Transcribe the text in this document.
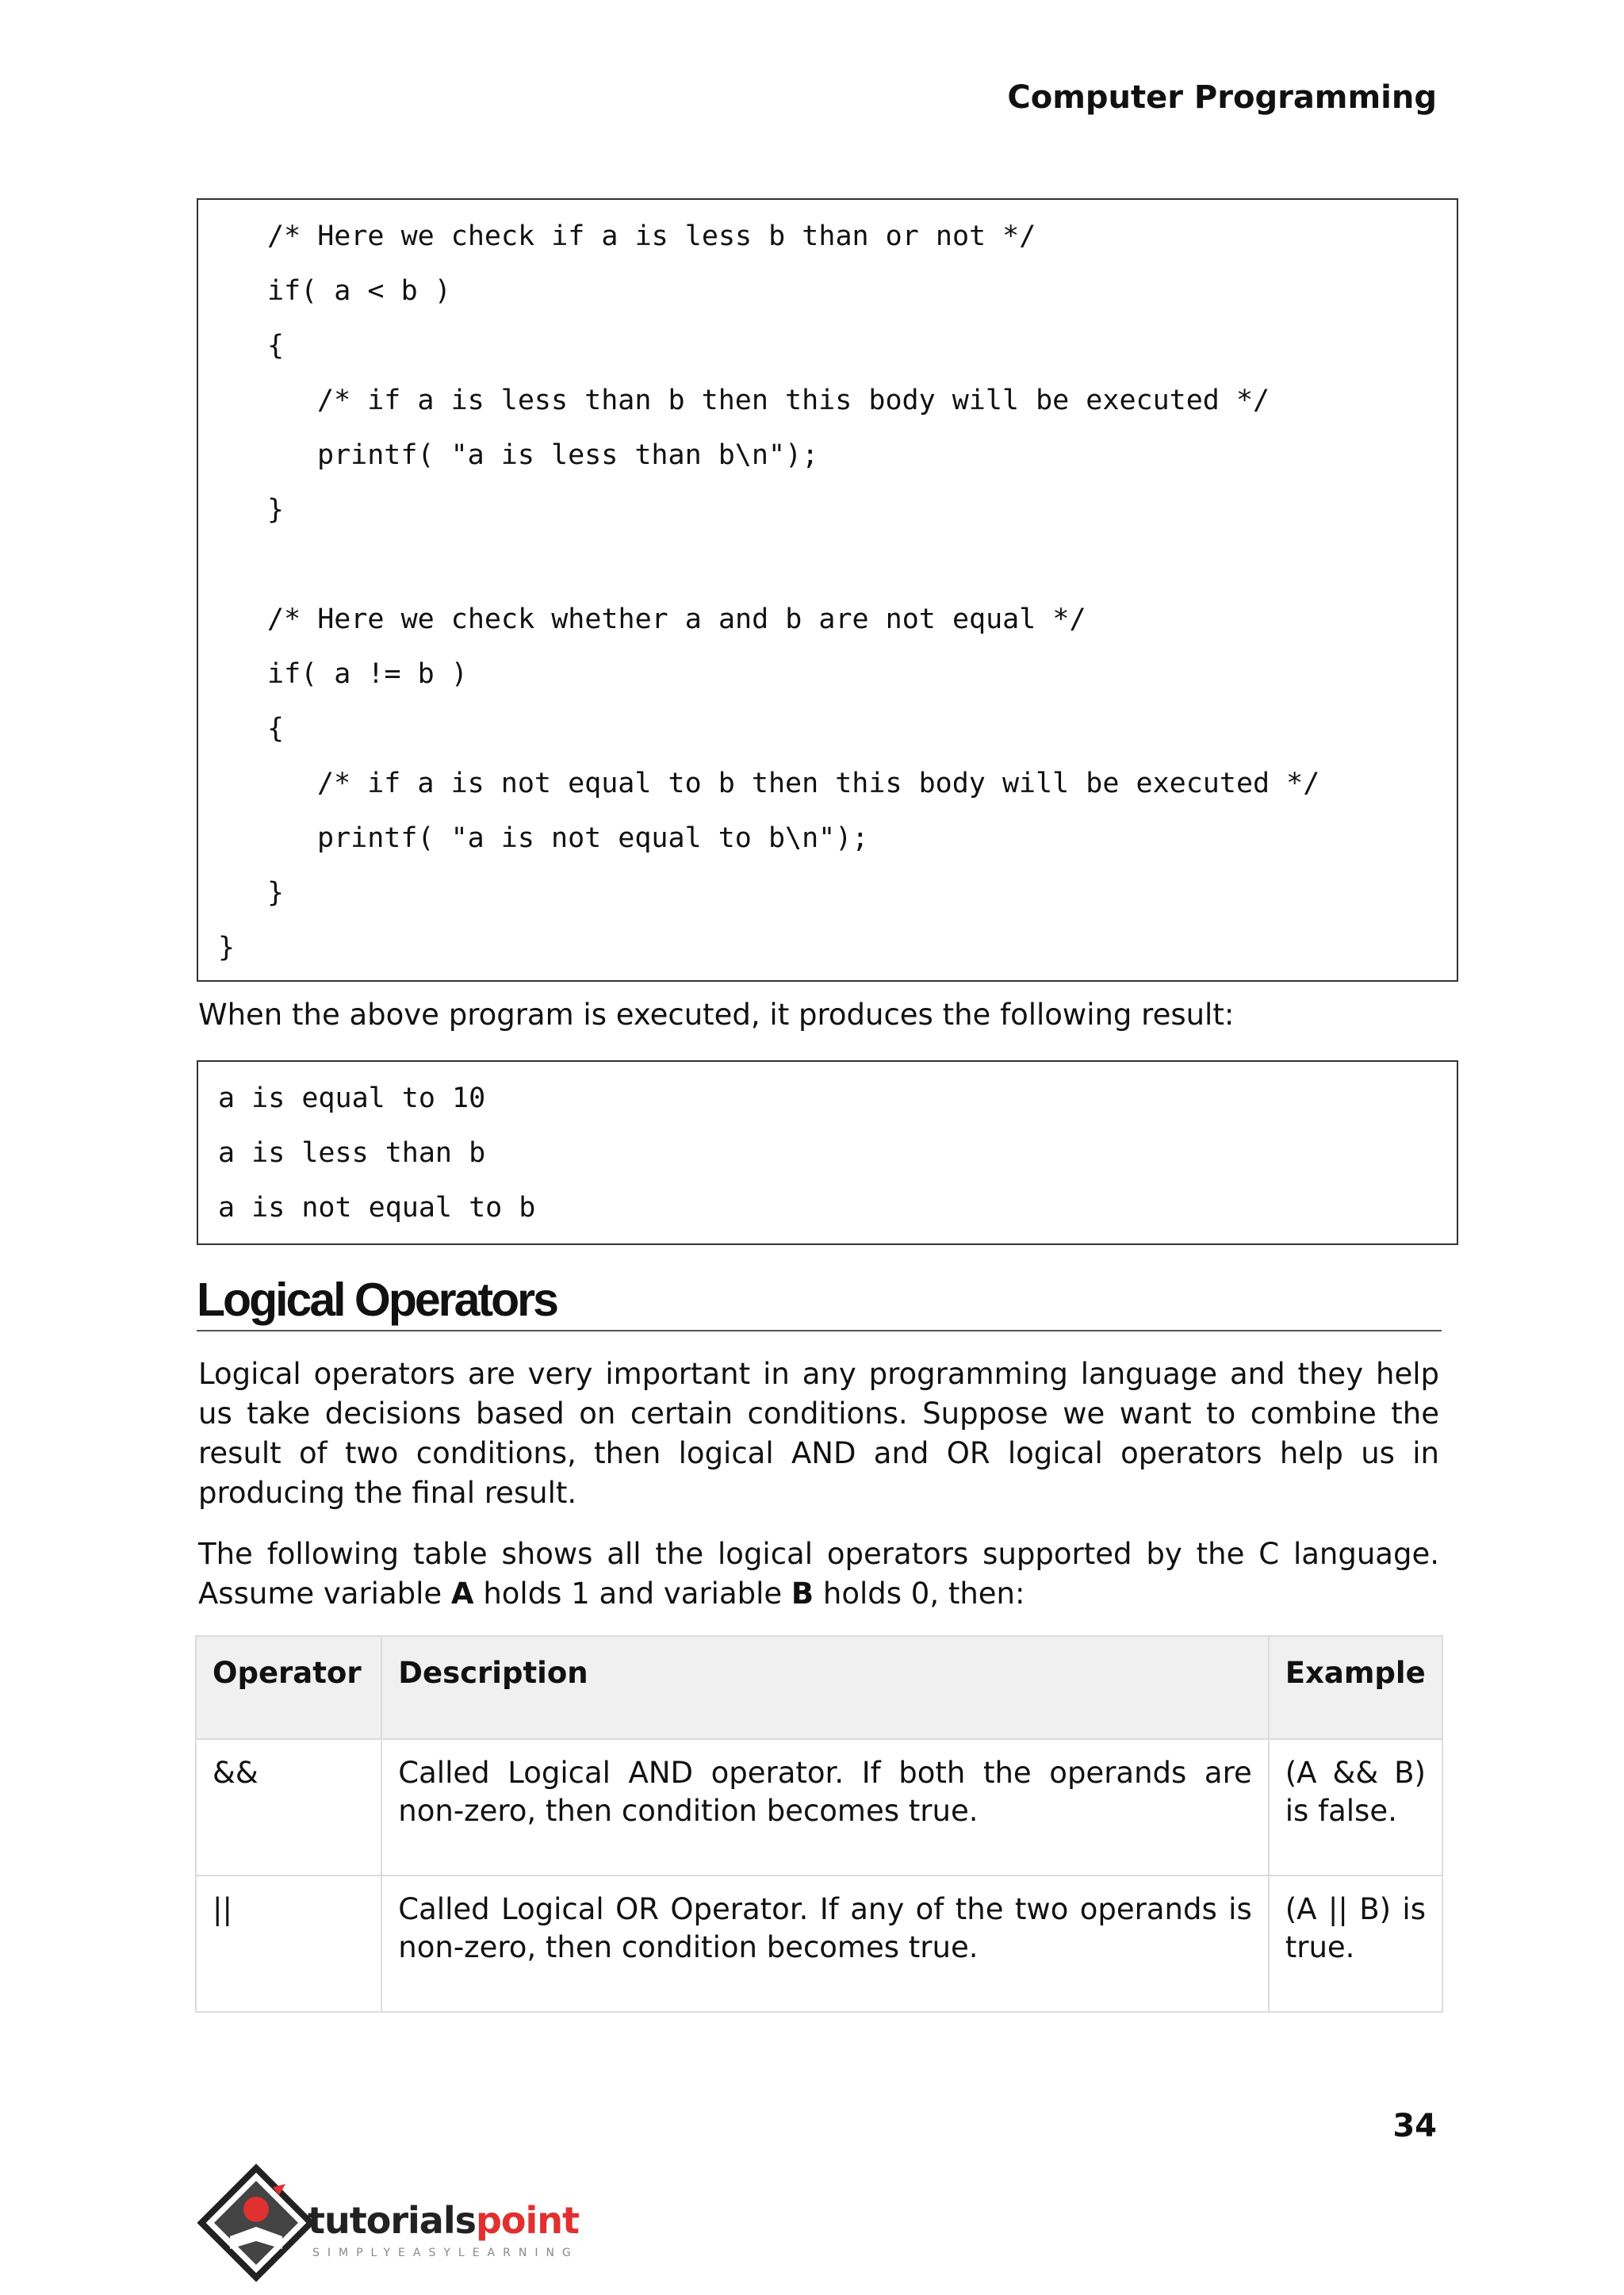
Computer Programming
/* Here we check if a is less b than or not */
if( a < b )
{
/* if a is less than b then this body will be executed */
printf( "a is less than b\n");
}
/* Here we check whether a and b are not equal */
if( a != b )
{
/* if a is not equal to b then this body will be executed */
printf( "a is not equal to b\n");
}
}
When the above program is executed, it produces the following result:
a is equal to 10
a is less than b
a is not equal to b
Logical Operators
Logical operators are very important in any programming language and they help us take decisions based on certain conditions. Suppose we want to combine the result of two conditions, then logical AND and OR logical operators help us in producing the final result.
The following table shows all the logical operators supported by the C language. Assume variable A holds 1 and variable B holds 0, then:
Operator	Description	Example
&&	Called Logical AND operator. If both the operands are non-zero, then condition becomes true.	(A && B) is false.
||	Called Logical OR Operator. If any of the two operands is non-zero, then condition becomes true.	(A || B) is true.
34
tutorialspoint
SIMPLYEASYLEARNING
